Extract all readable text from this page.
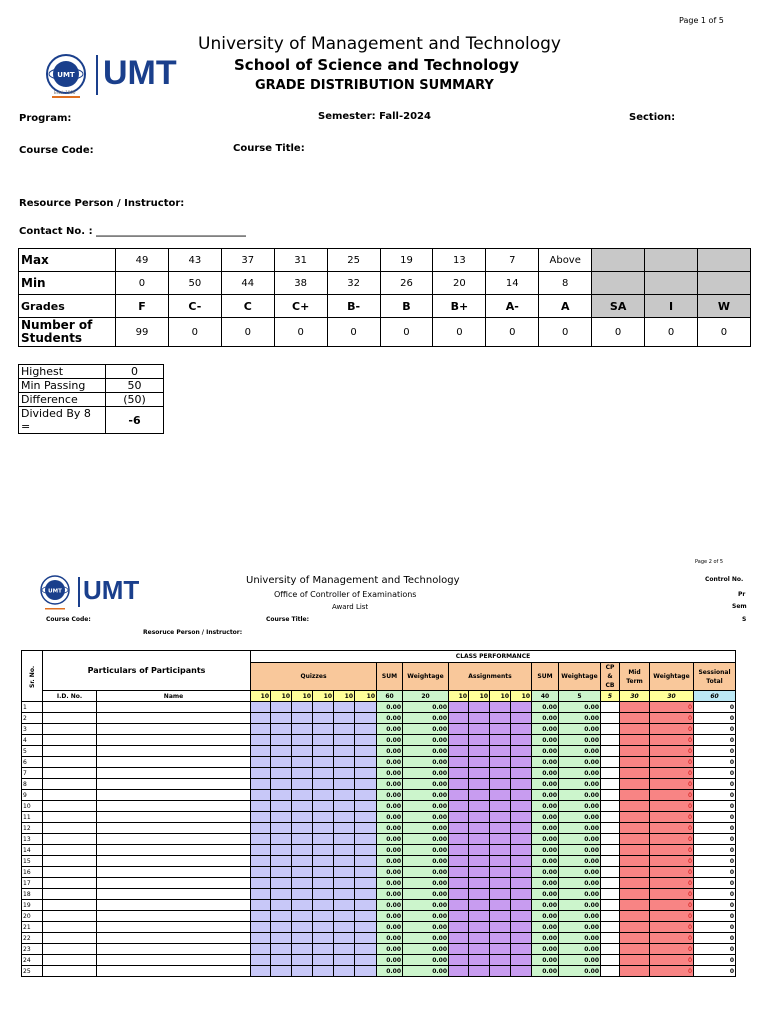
Page 1 of 5
UMT UMT
Estd. 1990
University of Management and Technology
School of Science and Technology
GRADE DISTRIBUTION SUMMARY
Program:	Semester: Fall-2024	Section:
Course Code:	Course Title:
Resource Person / Instructor:
Contact No. : ______________________________
Max	49	43	37	31	25	19	13	7	Above			
Min	0	50	44	38	32	26	20	14	8			
Grades	F	C-	C	C+	B-	B	B+	A-	A	SA	I	W
Number of Students	99	0	0	0	0	0	0	0	0	0	0	0
Highest	0
Min Passing	50
Difference	(50)
Divided By 8 =	-6
Page 2 of 5
UMT UMT	University of Management and Technology
Office of Controller of Examinations
Award List
Control No.
Pr
Sem
S
Course Code:	Course Title:
Resoruce Person / Instructor:
Sr. No.	Particulars of Participants		CLASS PERFORMANCE																	
			Quizzes						SUM	Weightage	Assignments				SUM	Weightage	CP & CB	Mid Term	Weightage	Sessional Total
	I.D. No.	Name	10	10	10	10	10	10	60	20	10	10	10	10	40	5	5	30	30	60
1									0.00	0.00					0.00	0.00			0	0
2									0.00	0.00					0.00	0.00			0	0
3									0.00	0.00					0.00	0.00			0	0
4									0.00	0.00					0.00	0.00			0	0
5									0.00	0.00					0.00	0.00			0	0
6									0.00	0.00					0.00	0.00			0	0
7									0.00	0.00					0.00	0.00			0	0
8									0.00	0.00					0.00	0.00			0	0
9									0.00	0.00					0.00	0.00			0	0
10									0.00	0.00					0.00	0.00			0	0
11									0.00	0.00					0.00	0.00			0	0
12									0.00	0.00					0.00	0.00			0	0
13									0.00	0.00					0.00	0.00			0	0
14									0.00	0.00					0.00	0.00			0	0
15									0.00	0.00					0.00	0.00			0	0
16									0.00	0.00					0.00	0.00			0	0
17									0.00	0.00					0.00	0.00			0	0
18									0.00	0.00					0.00	0.00			0	0
19									0.00	0.00					0.00	0.00			0	0
20									0.00	0.00					0.00	0.00			0	0
21									0.00	0.00					0.00	0.00			0	0
22									0.00	0.00					0.00	0.00			0	0
23									0.00	0.00					0.00	0.00			0	0
24									0.00	0.00					0.00	0.00			0	0
25									0.00	0.00					0.00	0.00			0	0
